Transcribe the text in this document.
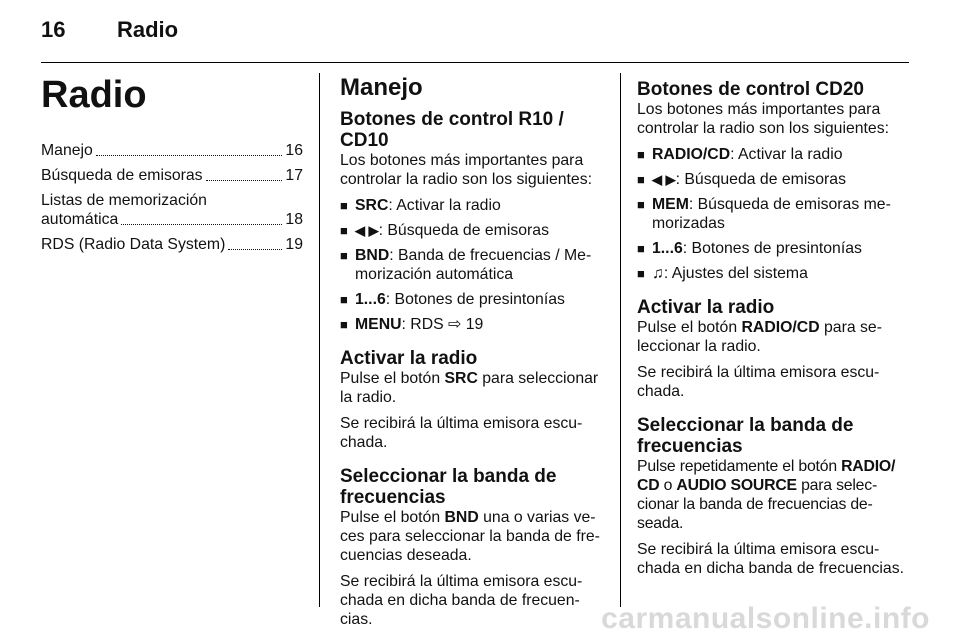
16 Radio
Radio
Manejo	16
Búsqueda de emisoras	17
Listas de memorización
automática	18
RDS (Radio Data System)	19
Manejo
Botones de control R10 / CD10

Los botones más importantes para controlar la radio son los siguientes:

■ SRC: Activar la radio
■ ◀ ▶: Búsqueda de emisoras
■ BND: Banda de frecuencias / Memorización automática
■ 1...6: Botones de presintonías
■ MENU: RDS ⇨ 19
Activar la radio

Pulse el botón SRC para seleccionar la radio.

Se recibirá la última emisora escuchada.

Seleccionar la banda de frecuencias

Pulse el botón BND una o varias veces para seleccionar la banda de frecuencias deseada.

Se recibirá la última emisora escuchada en dicha banda de frecuencias.

Botones de control CD20

Los botones más importantes para controlar la radio son los siguientes:

■ RADIO/CD: Activar la radio
■ ◀ ▶: Búsqueda de emisoras
■ MEM: Búsqueda de emisoras memorizadas
■ 1...6: Botones de presintonías
■ ♫: Ajustes del sistema
Activar la radio

Pulse el botón RADIO/CD para seleccionar la radio.

Se recibirá la última emisora escuchada.

Seleccionar la banda de frecuencias

Pulse repetidamente el botón RADIO/ CD o AUDIO SOURCE para seleccionar la banda de frecuencias deseada.

Se recibirá la última emisora escuchada en dicha banda de frecuencias.

carmanualsonline.info
